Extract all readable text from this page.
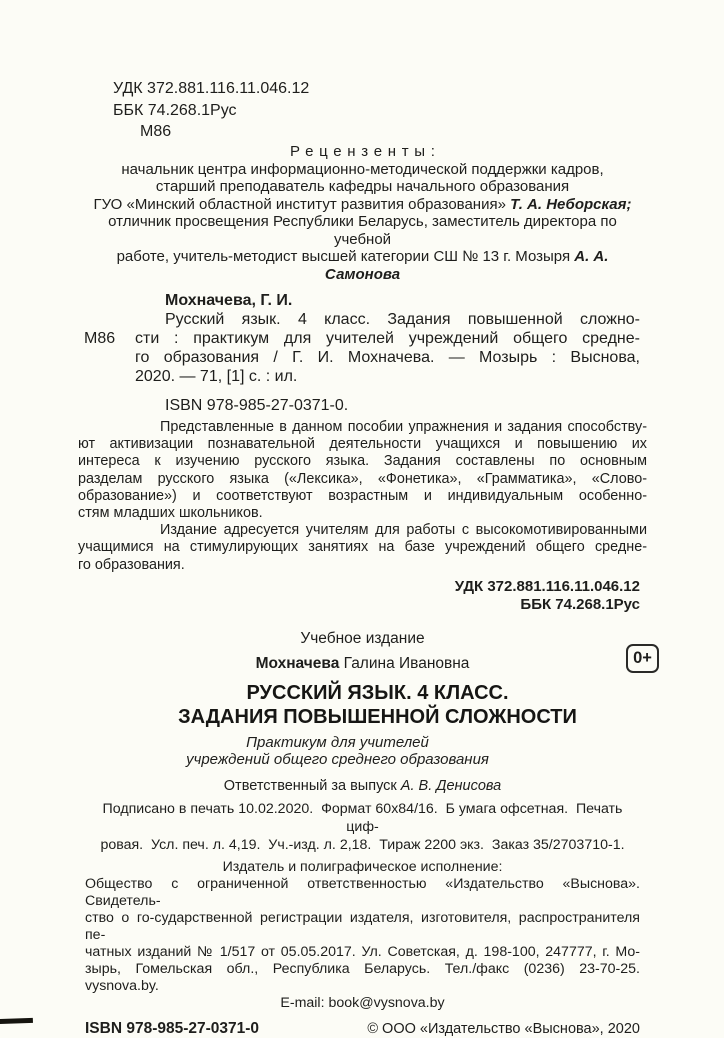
УДК 372.881.116.11.046.12
ББК 74.268.1Рус
М86
Рецензенты:
начальник центра информационно-методической поддержки кадров,
старший преподаватель кафедры начального образования
ГУО «Минский областной институт развития образования» Т. А. Неборская;
отличник просвещения Республики Беларусь, заместитель директора по учебной
работе, учитель-методист высшей категории СШ № 13 г. Мозыря А. А. Самонова
М86
Мохначева, Г. И.
Русский язык. 4 класс. Задания повышенной сложно-
сти : практикум для учителей учреждений общего средне-
го образования / Г. И. Мохначева. — Мозырь : Выснова,
2020. — 71, [1] с. : ил.
ISBN 978-985-27-0371-0.
Представленные в данном пособии упражнения и задания способству-
ют активизации познавательной деятельности учащихся и повышению их
интереса к изучению русского языка. Задания составлены по основным
разделам русского языка («Лексика», «Фонетика», «Грамматика», «Слово-
образование») и соответствуют возрастным и индивидуальным особенно-
стям младших школьников.
Издание адресуется учителям для работы с высокомотивированными
учащимися на стимулирующих занятиях на базе учреждений общего средне-
го образования.
УДК 372.881.116.11.046.12
ББК 74.268.1Рус
Учебное издание
Мохначева Галина Ивановна
РУССКИЙ ЯЗЫК. 4 КЛАСС.
ЗАДАНИЯ ПОВЫШЕННОЙ СЛОЖНОСТИ
0+
Практикум для учителей
учреждений общего среднего образования
Ответственный за выпуск А. В. Денисова
Подписано в печать 10.02.2020.  Формат 60х84/16.  Б умага офсетная.  Печать циф-
ровая.  Усл. печ. л. 4,19.  Уч.-изд. л. 2,18.  Тираж 2200 экз.  Заказ 35/2703710-1.
Издатель и полиграфическое исполнение:
Общество с ограниченной ответственностью «Издательство «Выснова». Свидетель-
ство о го-сударственной регистрации издателя, изготовителя, распространителя пе-
чатных изданий № 1/517 от 05.05.2017. Ул. Советская, д. 198-100, 247777, г. Мо-
зырь, Гомельская обл., Республика Беларусь. Тел./факс (0236) 23-70-25. vysnova.by.
E-mail: book@vysnova.by
ISBN 978-985-27-0371-0	© ООО «Издательство «Выснова», 2020
